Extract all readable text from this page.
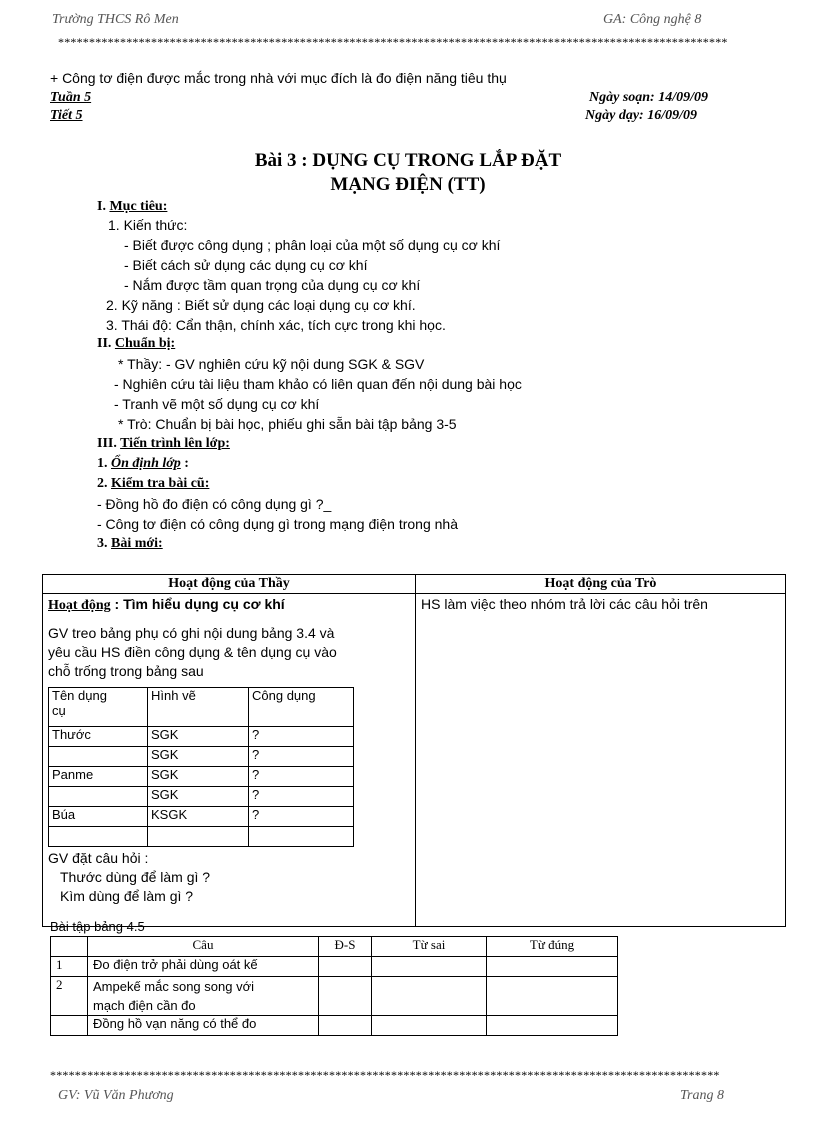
Trường THCS Rô Men	GA: Công nghệ 8
************************************************************************************************************
+ Công tơ điện được mắc trong nhà với mục đích là đo điện năng tiêu thụ
Tuần 5
Tiết 5
Ngày soạn: 14/09/09
Ngày dạy: 16/09/09
Bài 3 : DỤNG CỤ TRONG LẮP ĐẶT
MẠNG ĐIỆN (TT)
I. Mục tiêu:
1. Kiến thức:
- Biết được công dụng ; phân loại của một số dụng cụ cơ khí
- Biết cách sử dụng các dụng cụ cơ khí
- Nắm được tầm quan trọng của dụng cụ cơ khí
2. Kỹ năng : Biết sử dụng các loại dụng cụ cơ khí.
3. Thái độ: Cẩn thận, chính xác, tích cực trong khi học.
II. Chuẩn bị:
* Thầy: - GV nghiên cứu kỹ nội dung SGK & SGV
- Nghiên cứu tài liệu tham khảo có liên quan đến nội dung bài học
- Tranh vẽ một số dụng cụ cơ khí
* Trò: Chuẩn bị bài học, phiếu ghi sẵn bài tập bảng 3-5
III. Tiến trình lên lớp:
1. Ổn định lớp :
2. Kiểm tra bài cũ:
- Đồng hồ đo điện có công dụng gì ?_
- Công tơ điện có công dụng gì trong mạng điện trong nhà
3. Bài mới:
Hoạt động của Thầy	Hoạt động của Trò

Hoạt động : Tìm hiểu dụng cụ cơ khí
GV treo bảng phụ có ghi nội dung bảng 3.4 và
yêu cầu HS điền công dụng & tên dụng cụ vào
chỗ trống trong bảng sau
Tên dụng
cụ
	Hình vẽ	Công dụng
Thước	SGK	?
	SGK	?
Panme	SGK	?
	SGK	?
Búa	KSGK	?

GV đặt câu hỏi :
Thước dùng để làm gì ?
Kìm dùng để làm gì ?
	HS làm việc theo nhóm trả lời các câu hỏi trên
Bài tập bảng 4.5
	Câu	Đ-S	Từ sai	Từ đúng
1	Đo điện trở phải dùng oát kế			
2	Ampekế mắc song song với
mạch điện cần đo			

	Đồng hồ vạn năng có thể đo			
************************************************************************************************************
GV: Vũ Văn Phương	Trang 8
